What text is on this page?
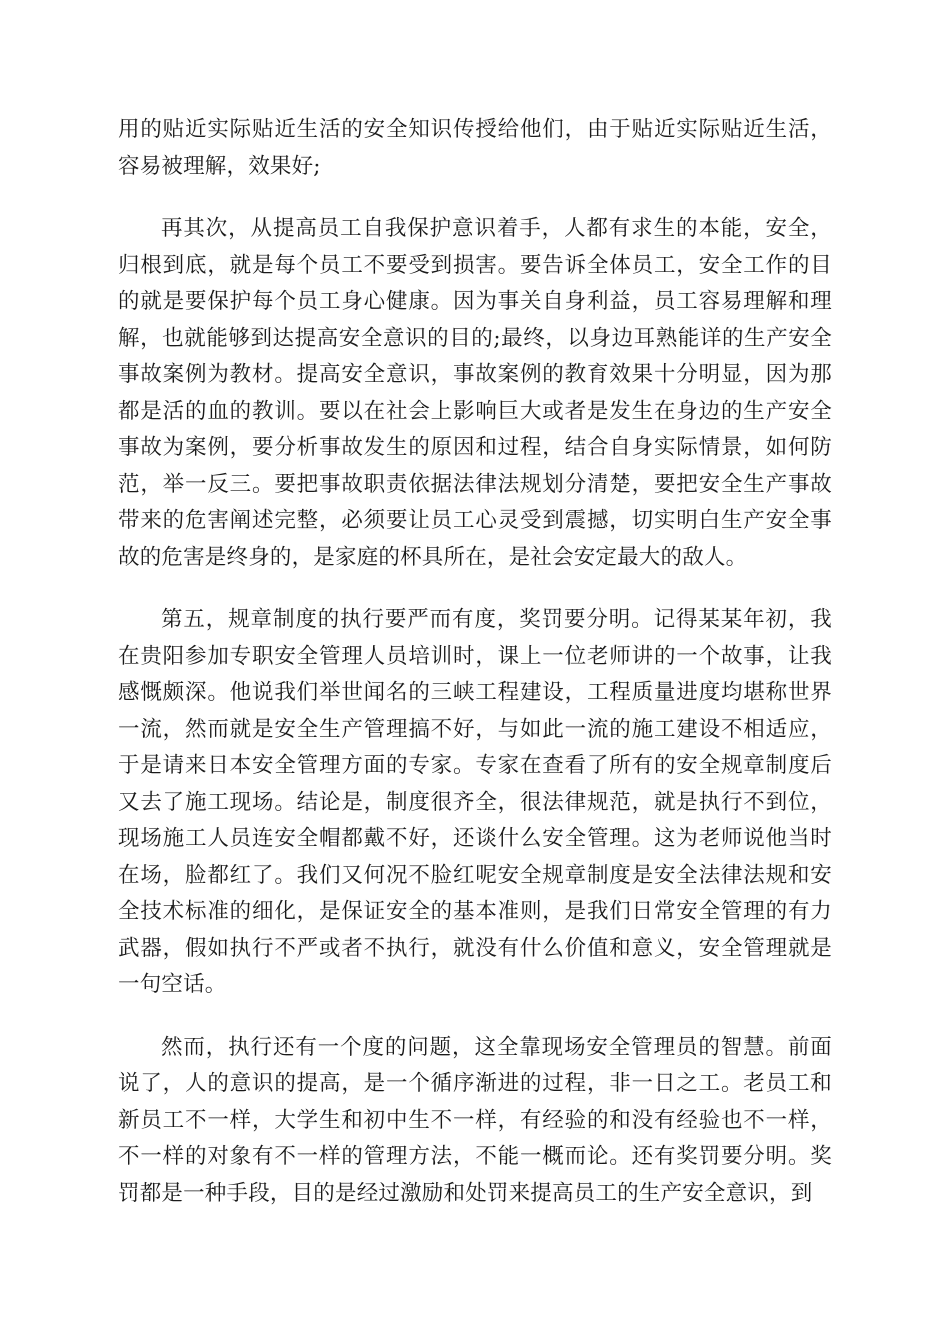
用的贴近实际贴近生活的安全知识传授给他们，由于贴近实际贴近生活，容易被理解，效果好;

再其次，从提高员工自我保护意识着手，人都有求生的本能，安全，归根到底，就是每个员工不要受到损害。要告诉全体员工，安全工作的目的就是要保护每个员工身心健康。因为事关自身利益，员工容易理解和理解，也就能够到达提高安全意识的目的;最终，以身边耳熟能详的生产安全事故案例为教材。提高安全意识，事故案例的教育效果十分明显，因为那都是活的血的教训。要以在社会上影响巨大或者是发生在身边的生产安全事故为案例，要分析事故发生的原因和过程，结合自身实际情景，如何防范，举一反三。要把事故职责依据法律法规划分清楚，要把安全生产事故带来的危害阐述完整，必须要让员工心灵受到震撼，切实明白生产安全事故的危害是终身的，是家庭的杯具所在，是社会安定最大的敌人。

第五，规章制度的执行要严而有度，奖罚要分明。记得某某年初，我在贵阳参加专职安全管理人员培训时，课上一位老师讲的一个故事，让我感慨颇深。他说我们举世闻名的三峡工程建设，工程质量进度均堪称世界一流，然而就是安全生产管理搞不好，与如此一流的施工建设不相适应，于是请来日本安全管理方面的专家。专家在查看了所有的安全规章制度后又去了施工现场。结论是，制度很齐全，很法律规范，就是执行不到位，现场施工人员连安全帽都戴不好，还谈什么安全管理。这为老师说他当时在场，脸都红了。我们又何况不脸红呢安全规章制度是安全法律法规和安全技术标准的细化，是保证安全的基本准则，是我们日常安全管理的有力武器，假如执行不严或者不执行，就没有什么价值和意义，安全管理就是一句空话。

然而，执行还有一个度的问题，这全靠现场安全管理员的智慧。前面说了，人的意识的提高，是一个循序渐进的过程，非一日之工。老员工和新员工不一样，大学生和初中生不一样，有经验的和没有经验也不一样，不一样的对象有不一样的管理方法，不能一概而论。还有奖罚要分明。奖罚都是一种手段，目的是经过激励和处罚来提高员工的生产安全意识，到
